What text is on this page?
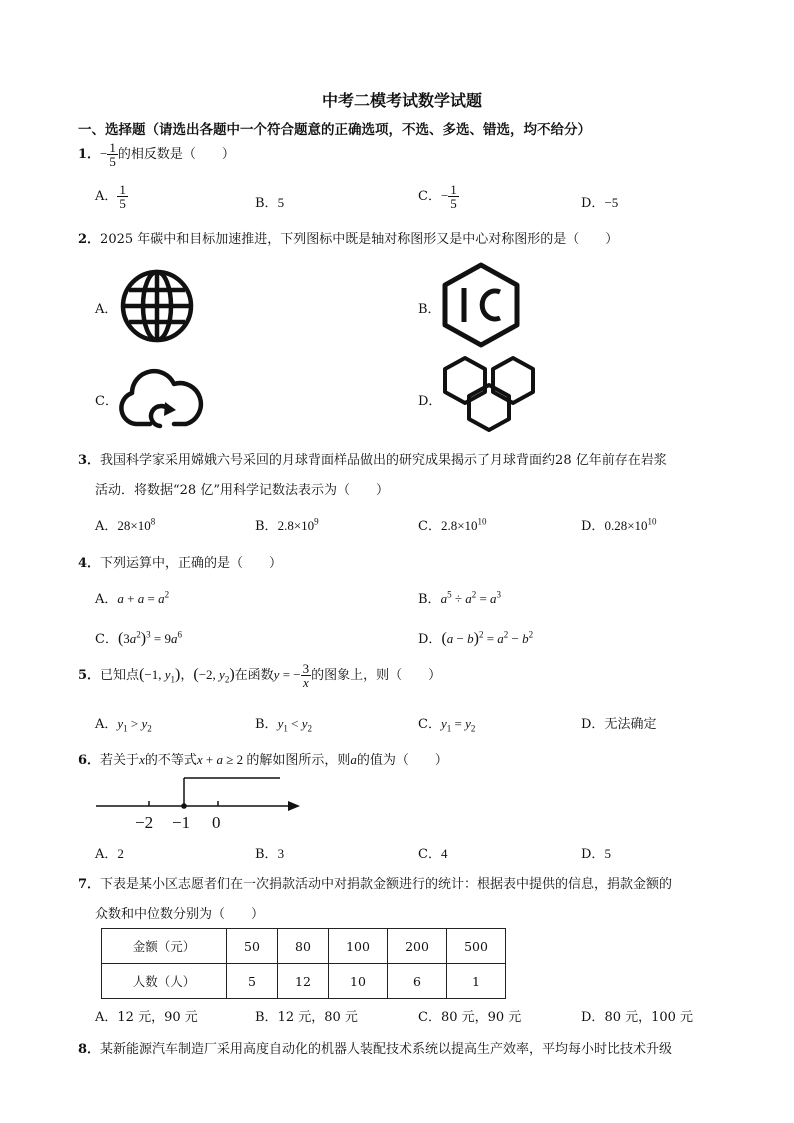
中考二模考试数学试题
一、选择题（请选出各题中一个符合题意的正确选项，不选、多选、错选，均不给分）
1．− $\frac{1}{5}$ 的相反数是（　　）
A． $\frac{1}{5}$	B．5	C．− $\frac{1}{5}$	D．−5
2．2025 年碳中和目标加速推进，下列图标中既是轴对称图形又是中心对称图形的是（　　）
A．	B．
C．	D．
3．我国科学家采用嫦娥六号采回的月球背面样品做出的研究成果揭示了月球背面约28 亿年前存在岩浆
活动．将数据“28 亿”用科学记数法表示为（　　）
A．$28\times 10^8$	B．$2.8\times 10^9$	C．$2.8\times 10^{10}$	D．$0.28\times 10^{10}$
4．下列运算中，正确的是（　　）
A．$a + a = a^2$	B．$a^5 \div a^2 = a^3$
C．$(3a^2)^3 = 9a^6$	D．$(a - b)^2 = a^2 - b^2$
5．已知点(−1, $y_1$)，(−2, $y_2$)在函数y = − $\frac{3}{x}$ 的图象上，则（　　）
A．$y_1 > y_2$	B．$y_1 < y_2$	C．$y_1 = y_2$	D．无法确定
6．若关于x的不等式x + a ≥ 2 的解如图所示，则a的值为（　　）
−2 −1 0
A．2	B．3	C．4	D．5
7．下表是某小区志愿者们在一次捐款活动中对捐款金额进行的统计：根据表中提供的信息，捐款金额的
众数和中位数分别为（　　）
金额（元）	50	80	100	200	500
人数（人）	5	12	10	6	1
A．12 元，90 元	B．12 元，80 元	C．80 元，90 元	D．80 元，100 元
8．某新能源汽车制造厂采用高度自动化的机器人装配技术系统以提高生产效率，平均每小时比技术升级
